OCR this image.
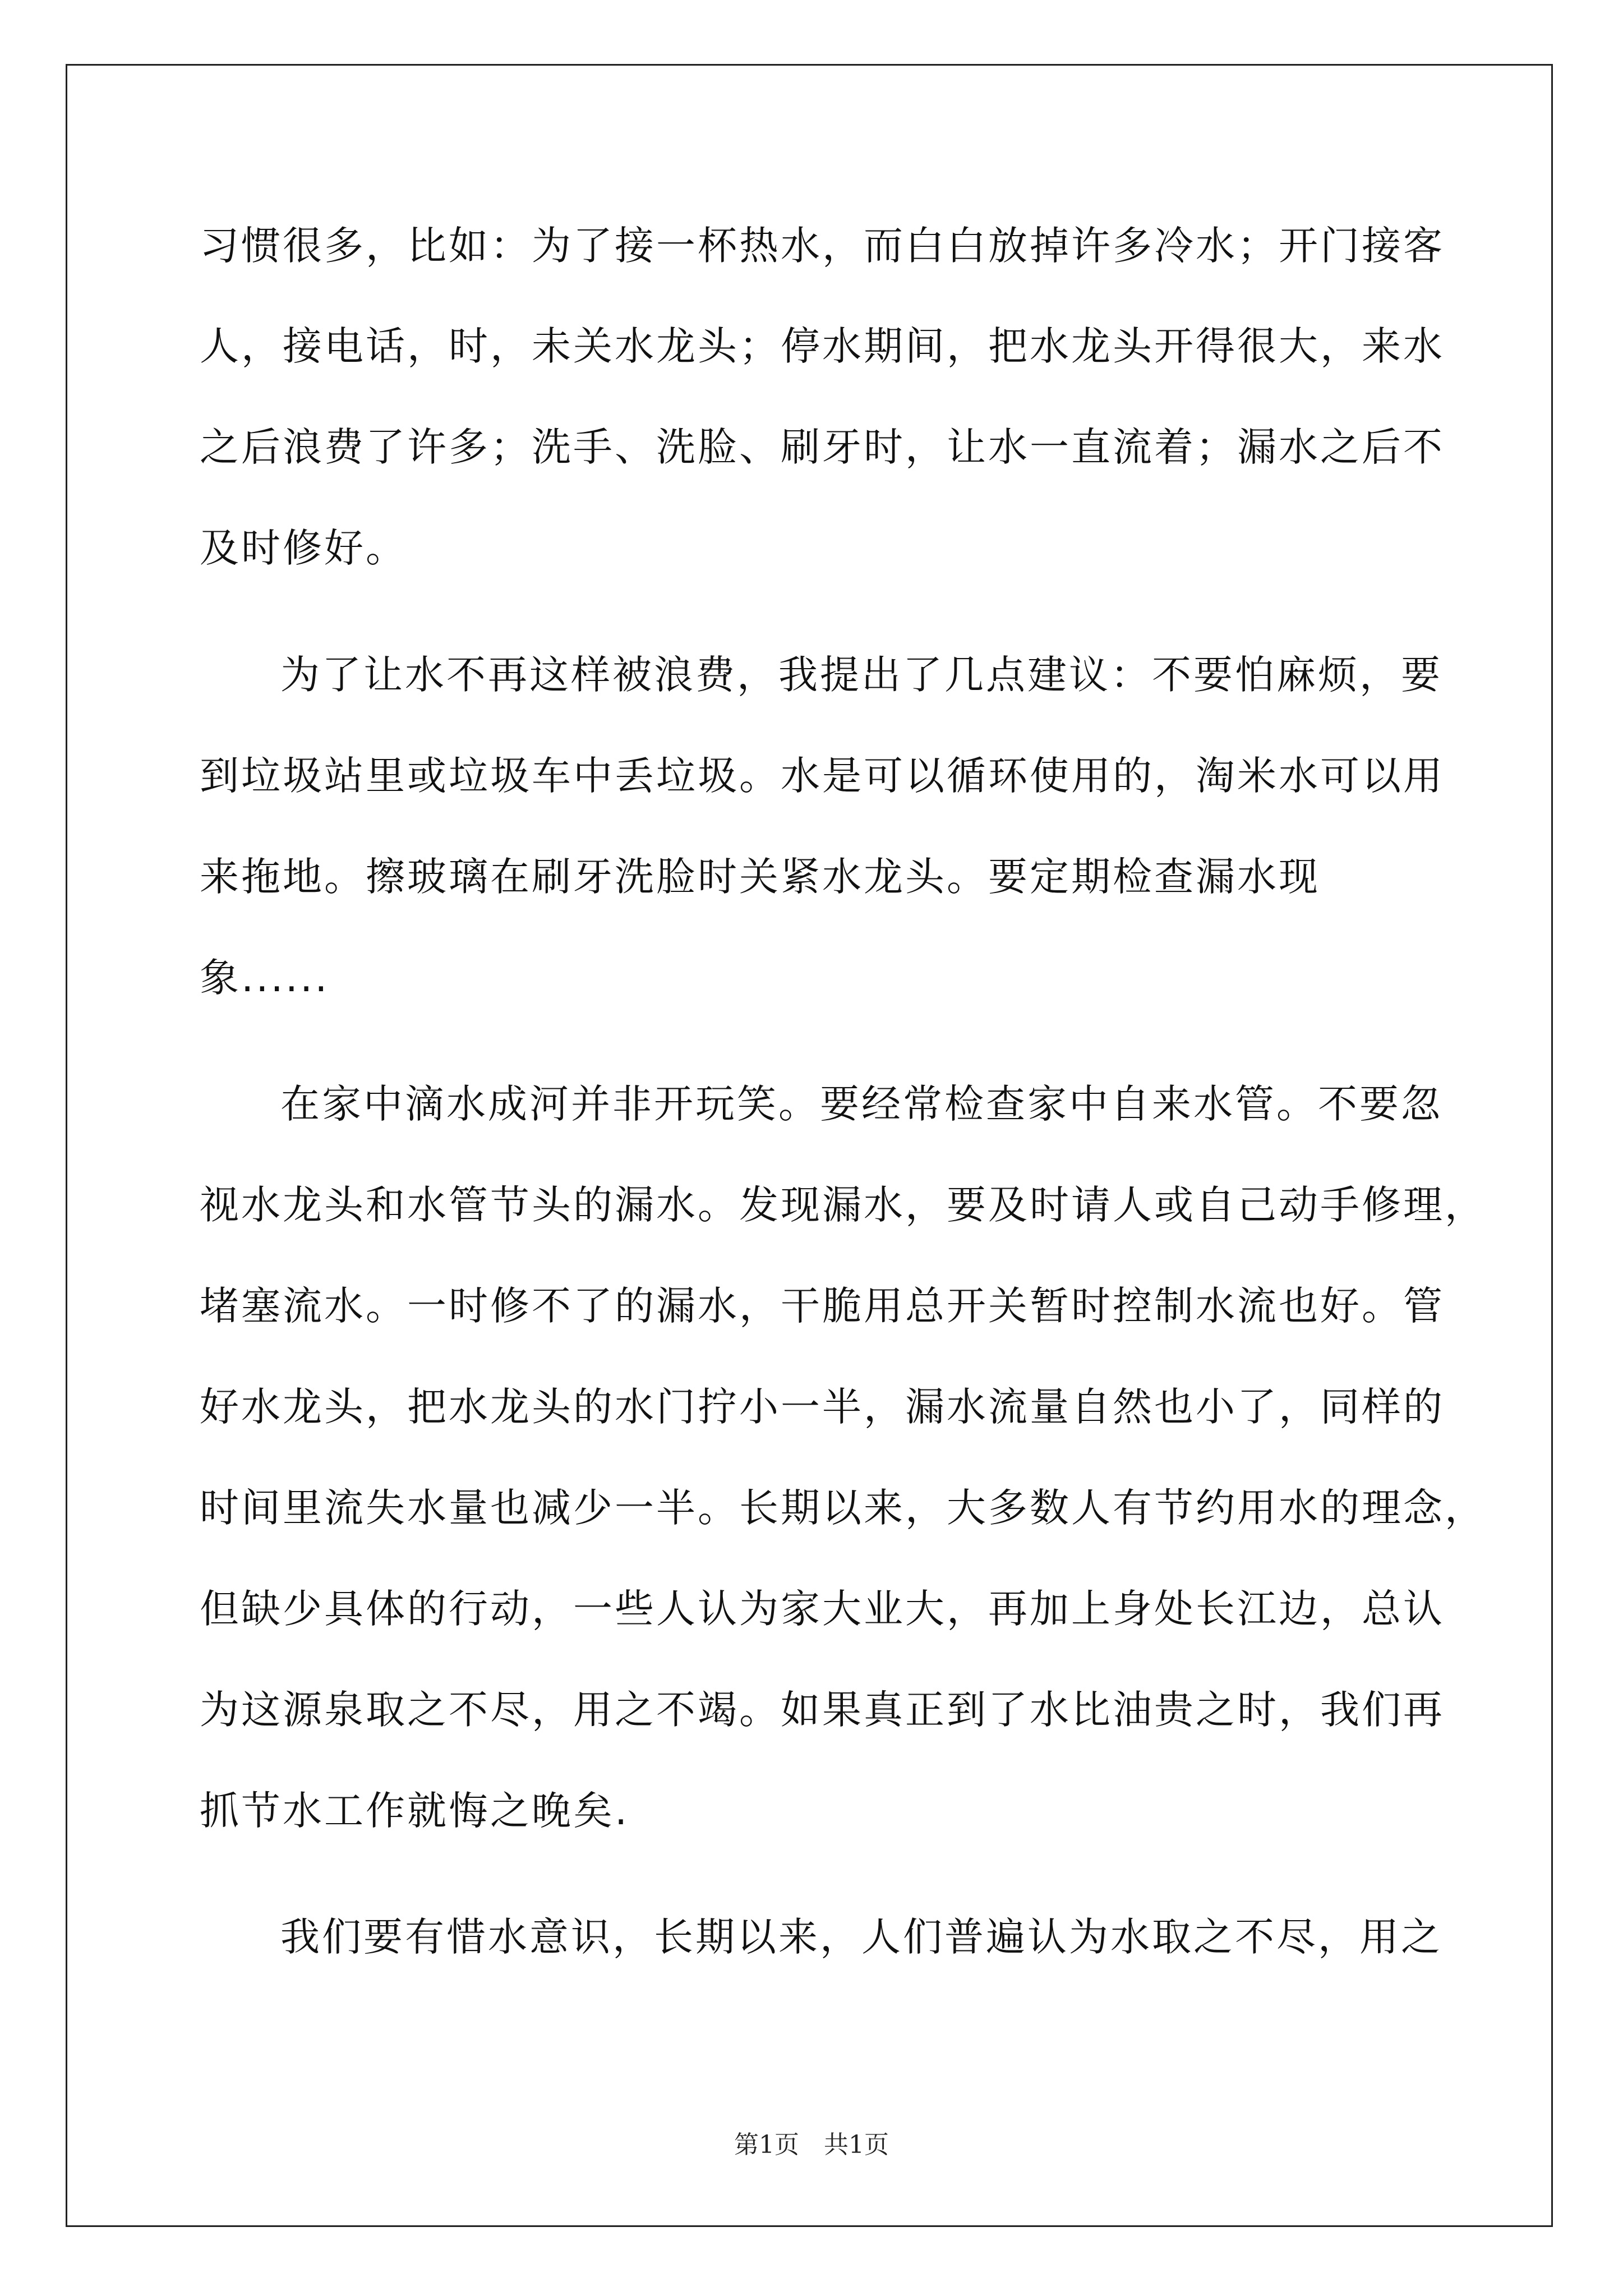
习惯很多，比如：为了接一杯热水，而白白放掉许多冷水；开门接客
人，接电话，时，未关水龙头；停水期间，把水龙头开得很大，来水
之后浪费了许多；洗手、洗脸、刷牙时，让水一直流着；漏水之后不
及时修好。
为了让水不再这样被浪费，我提出了几点建议：不要怕麻烦，要
到垃圾站里或垃圾车中丢垃圾。水是可以循环使用的，淘米水可以用
来拖地。擦玻璃在刷牙洗脸时关紧水龙头。要定期检查漏水现
象......
在家中滴水成河并非开玩笑。要经常检查家中自来水管。不要忽
视水龙头和水管节头的漏水。发现漏水，要及时请人或自己动手修理，
堵塞流水。一时修不了的漏水，干脆用总开关暂时控制水流也好。管
好水龙头，把水龙头的水门拧小一半，漏水流量自然也小了，同样的
时间里流失水量也减少一半。长期以来，大多数人有节约用水的理念，
但缺少具体的行动，一些人认为家大业大，再加上身处长江边，总认
为这源泉取之不尽，用之不竭。如果真正到了水比油贵之时，我们再
抓节水工作就悔之晚矣.
我们要有惜水意识，长期以来，人们普遍认为水取之不尽，用之
第1页　共1页
